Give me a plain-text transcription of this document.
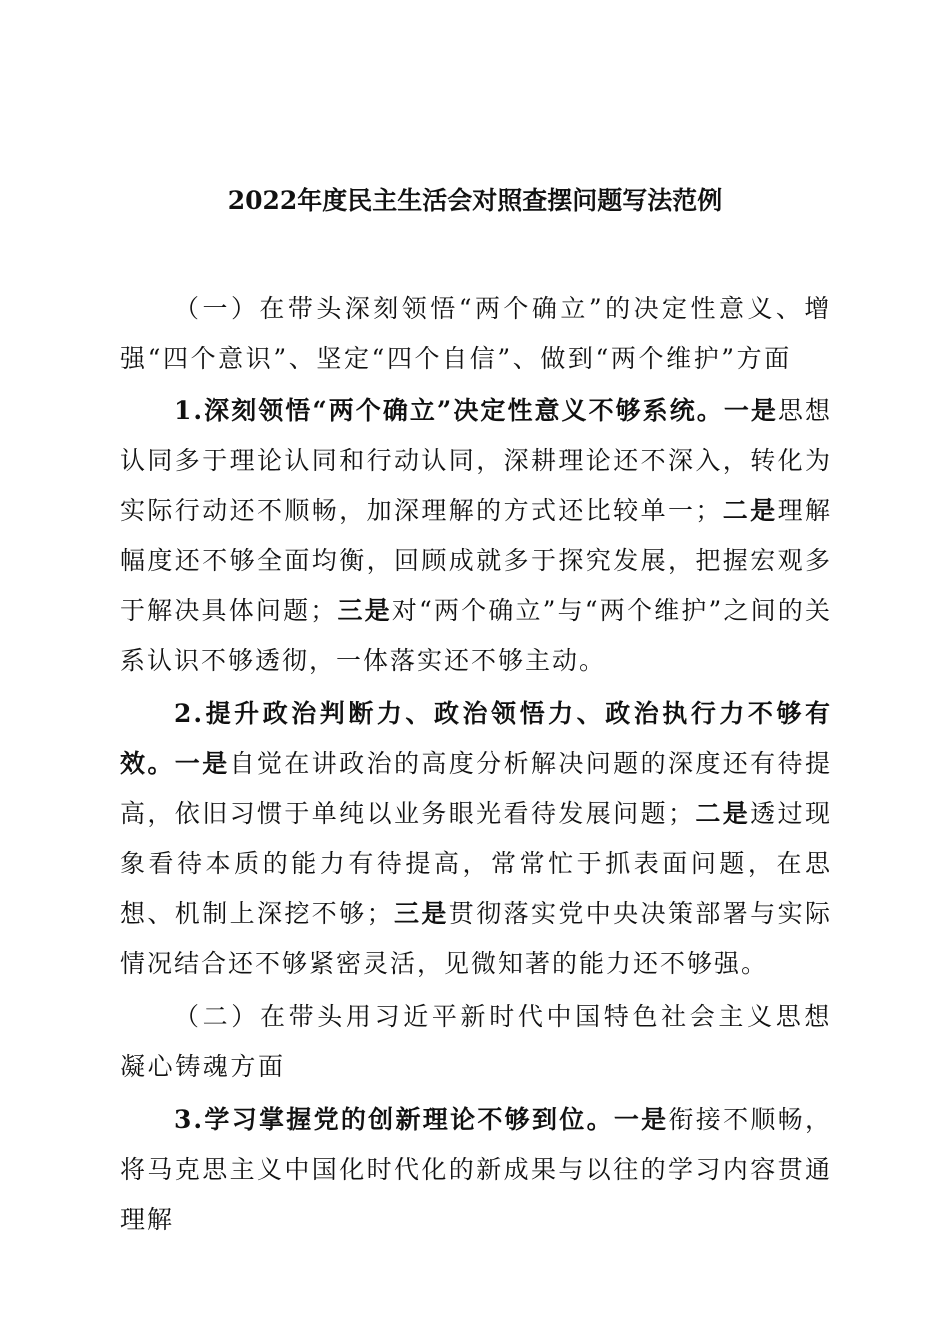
2022年度民主生活会对照查摆问题写法范例

（一）在带头深刻领悟“两个确立”的决定性意义、增强“四个意识”、坚定“四个自信”、做到“两个维护”方面

1.深刻领悟“两个确立”决定性意义不够系统。一是思想认同多于理论认同和行动认同，深耕理论还不深入，转化为实际行动还不顺畅，加深理解的方式还比较单一；二是理解幅度还不够全面均衡，回顾成就多于探究发展，把握宏观多于解决具体问题；三是对“两个确立”与“两个维护”之间的关系认识不够透彻，一体落实还不够主动。

2.提升政治判断力、政治领悟力、政治执行力不够有效。一是自觉在讲政治的高度分析解决问题的深度还有待提高，依旧习惯于单纯以业务眼光看待发展问题；二是透过现象看待本质的能力有待提高，常常忙于抓表面问题，在思想、机制上深挖不够；三是贯彻落实党中央决策部署与实际情况结合还不够紧密灵活，见微知著的能力还不够强。

（二）在带头用习近平新时代中国特色社会主义思想凝心铸魂方面

3.学习掌握党的创新理论不够到位。一是衔接不顺畅，将马克思主义中国化时代化的新成果与以往的学习内容贯通理解
